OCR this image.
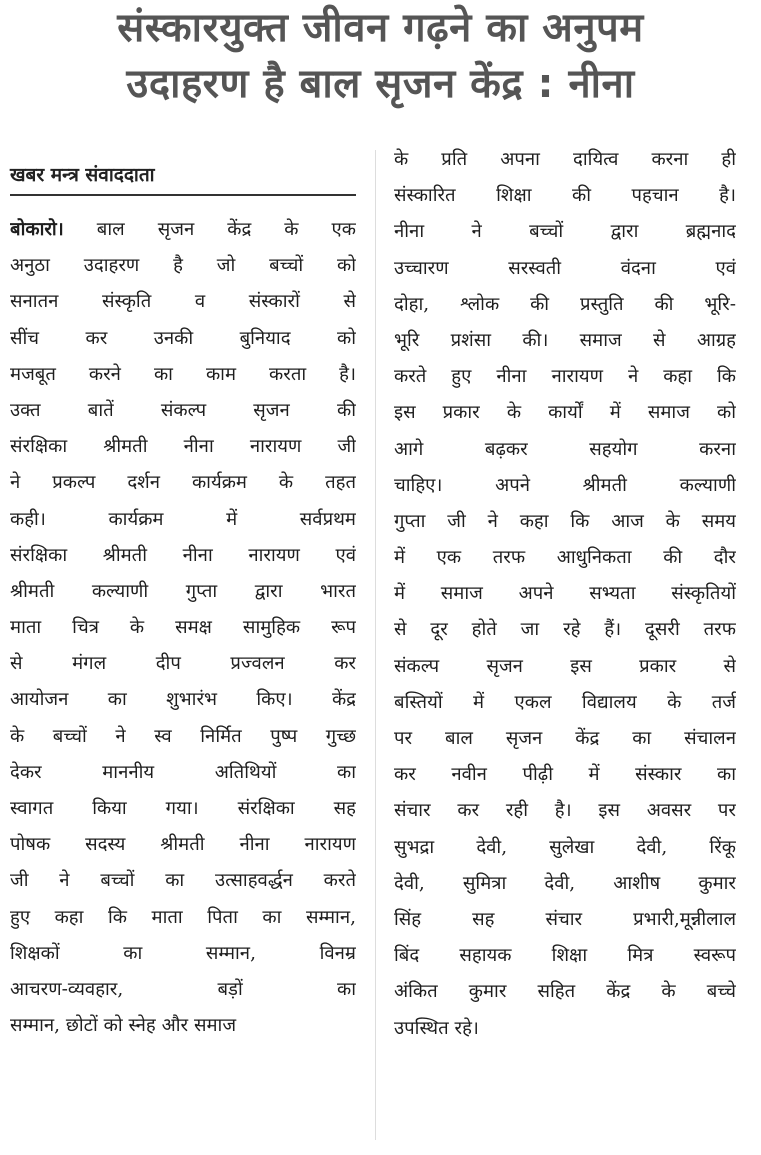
संस्कारयुक्त जीवन गढ़ने का अनुपम
उदाहरण है बाल सृजन केंद्र : नीना
खबर मन्त्र संवाददाता
बोकारो। बाल सृजन केंद्र के एक
अनुठा उदाहरण है जो बच्चों को
सनातन संस्कृति व संस्कारों से
सींच कर उनकी बुनियाद को
मजबूत करने का काम करता है।
उक्त बातें संकल्प सृजन की
संरक्षिका श्रीमती नीना नारायण जी
ने प्रकल्प दर्शन कार्यक्रम के तहत
कही। कार्यक्रम में सर्वप्रथम
संरक्षिका श्रीमती नीना नारायण एवं
श्रीमती कल्याणी गुप्ता द्वारा भारत
माता चित्र के समक्ष सामुहिक रूप
से मंगल दीप प्रज्वलन कर
आयोजन का शुभारंभ किए। केंद्र
के बच्चों ने स्व निर्मित पुष्प गुच्छ
देकर माननीय अतिथियों का
स्वागत किया गया। संरक्षिका सह
पोषक सदस्य श्रीमती नीना नारायण
जी ने बच्चों का उत्साहवर्द्धन करते
हुए कहा कि माता पिता का सम्मान,
शिक्षकों का सम्मान, विनम्र
आचरण-व्यवहार, बड़ों का
सम्मान, छोटों को स्नेह और समाज
के प्रति अपना दायित्व करना ही
संस्कारित शिक्षा की पहचान है।
नीना ने बच्चों द्वारा ब्रह्मनाद
उच्चारण सरस्वती वंदना एवं
दोहा, श्लोक की प्रस्तुति की भूरि-
भूरि प्रशंसा की। समाज से आग्रह
करते हुए नीना नारायण ने कहा कि
इस प्रकार के कार्यों में समाज को
आगे बढ़कर सहयोग करना
चाहिए। अपने श्रीमती कल्याणी
गुप्ता जी ने कहा कि आज के समय
में एक तरफ आधुनिकता की दौर
में समाज अपने सभ्यता संस्कृतियों
से दूर होते जा रहे हैं। दूसरी तरफ
संकल्प सृजन इस प्रकार से
बस्तियों में एकल विद्यालय के तर्ज
पर बाल सृजन केंद्र का संचालन
कर नवीन पीढ़ी में संस्कार का
संचार कर रही है। इस अवसर पर
सुभद्रा देवी, सुलेखा देवी, रिंकू
देवी, सुमित्रा देवी, आशीष कुमार
सिंह सह संचार प्रभारी,मून्नीलाल
बिंद सहायक शिक्षा मित्र स्वरूप
अंकित कुमार सहित केंद्र के बच्चे
उपस्थित रहे।
